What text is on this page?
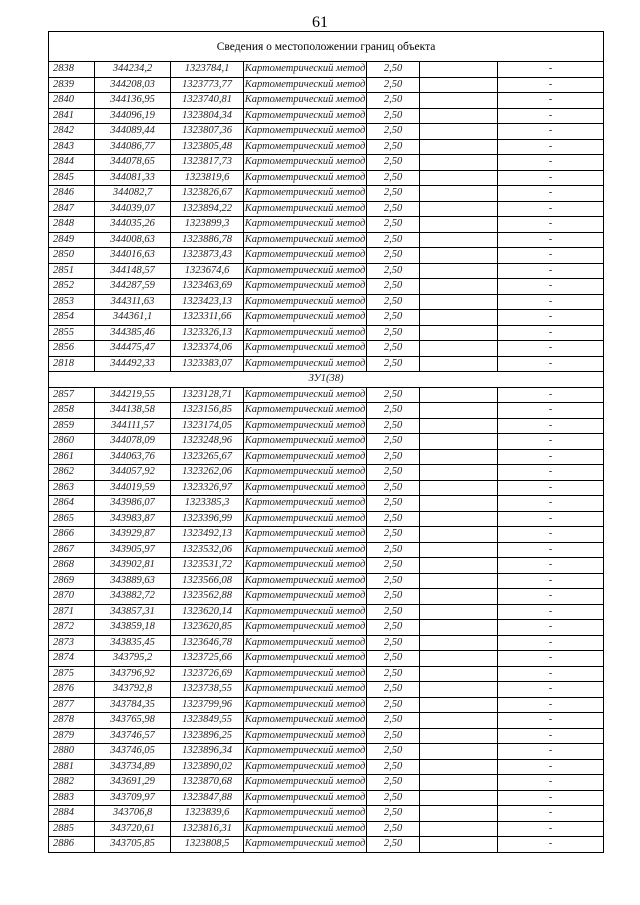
61
Сведения о местоположении границ объекта						
2838	344234,2	1323784,1	Картометрический метод	2,50		-
2839	344208,03	1323773,77	Картометрический метод	2,50		-
2840	344136,95	1323740,81	Картометрический метод	2,50		-
2841	344096,19	1323804,34	Картометрический метод	2,50		-
2842	344089,44	1323807,36	Картометрический метод	2,50		-
2843	344086,77	1323805,48	Картометрический метод	2,50		-
2844	344078,65	1323817,73	Картометрический метод	2,50		-
2845	344081,33	1323819,6	Картометрический метод	2,50		-
2846	344082,7	1323826,67	Картометрический метод	2,50		-
2847	344039,07	1323894,22	Картометрический метод	2,50		-
2848	344035,26	1323899,3	Картометрический метод	2,50		-
2849	344008,63	1323886,78	Картометрический метод	2,50		-
2850	344016,63	1323873,43	Картометрический метод	2,50		-
2851	344148,57	1323674,6	Картометрический метод	2,50		-
2852	344287,59	1323463,69	Картометрический метод	2,50		-
2853	344311,63	1323423,13	Картометрический метод	2,50		-
2854	344361,1	1323311,66	Картометрический метод	2,50		-
2855	344385,46	1323326,13	Картометрический метод	2,50		-
2856	344475,47	1323374,06	Картометрический метод	2,50		-
2818	344492,33	1323383,07	Картометрический метод	2,50		-
ЗУ1(38)						
2857	344219,55	1323128,71	Картометрический метод	2,50		-
2858	344138,58	1323156,85	Картометрический метод	2,50		-
2859	344111,57	1323174,05	Картометрический метод	2,50		-
2860	344078,09	1323248,96	Картометрический метод	2,50		-
2861	344063,76	1323265,67	Картометрический метод	2,50		-
2862	344057,92	1323262,06	Картометрический метод	2,50		-
2863	344019,59	1323326,97	Картометрический метод	2,50		-
2864	343986,07	1323385,3	Картометрический метод	2,50		-
2865	343983,87	1323396,99	Картометрический метод	2,50		-
2866	343929,87	1323492,13	Картометрический метод	2,50		-
2867	343905,97	1323532,06	Картометрический метод	2,50		-
2868	343902,81	1323531,72	Картометрический метод	2,50		-
2869	343889,63	1323566,08	Картометрический метод	2,50		-
2870	343882,72	1323562,88	Картометрический метод	2,50		-
2871	343857,31	1323620,14	Картометрический метод	2,50		-
2872	343859,18	1323620,85	Картометрический метод	2,50		-
2873	343835,45	1323646,78	Картометрический метод	2,50		-
2874	343795,2	1323725,66	Картометрический метод	2,50		-
2875	343796,92	1323726,69	Картометрический метод	2,50		-
2876	343792,8	1323738,55	Картометрический метод	2,50		-
2877	343784,35	1323799,96	Картометрический метод	2,50		-
2878	343765,98	1323849,55	Картометрический метод	2,50		-
2879	343746,57	1323896,25	Картометрический метод	2,50		-
2880	343746,05	1323896,34	Картометрический метод	2,50		-
2881	343734,89	1323890,02	Картометрический метод	2,50		-
2882	343691,29	1323870,68	Картометрический метод	2,50		-
2883	343709,97	1323847,88	Картометрический метод	2,50		-
2884	343706,8	1323839,6	Картометрический метод	2,50		-
2885	343720,61	1323816,31	Картометрический метод	2,50		-
2886	343705,85	1323808,5	Картометрический метод	2,50		-
